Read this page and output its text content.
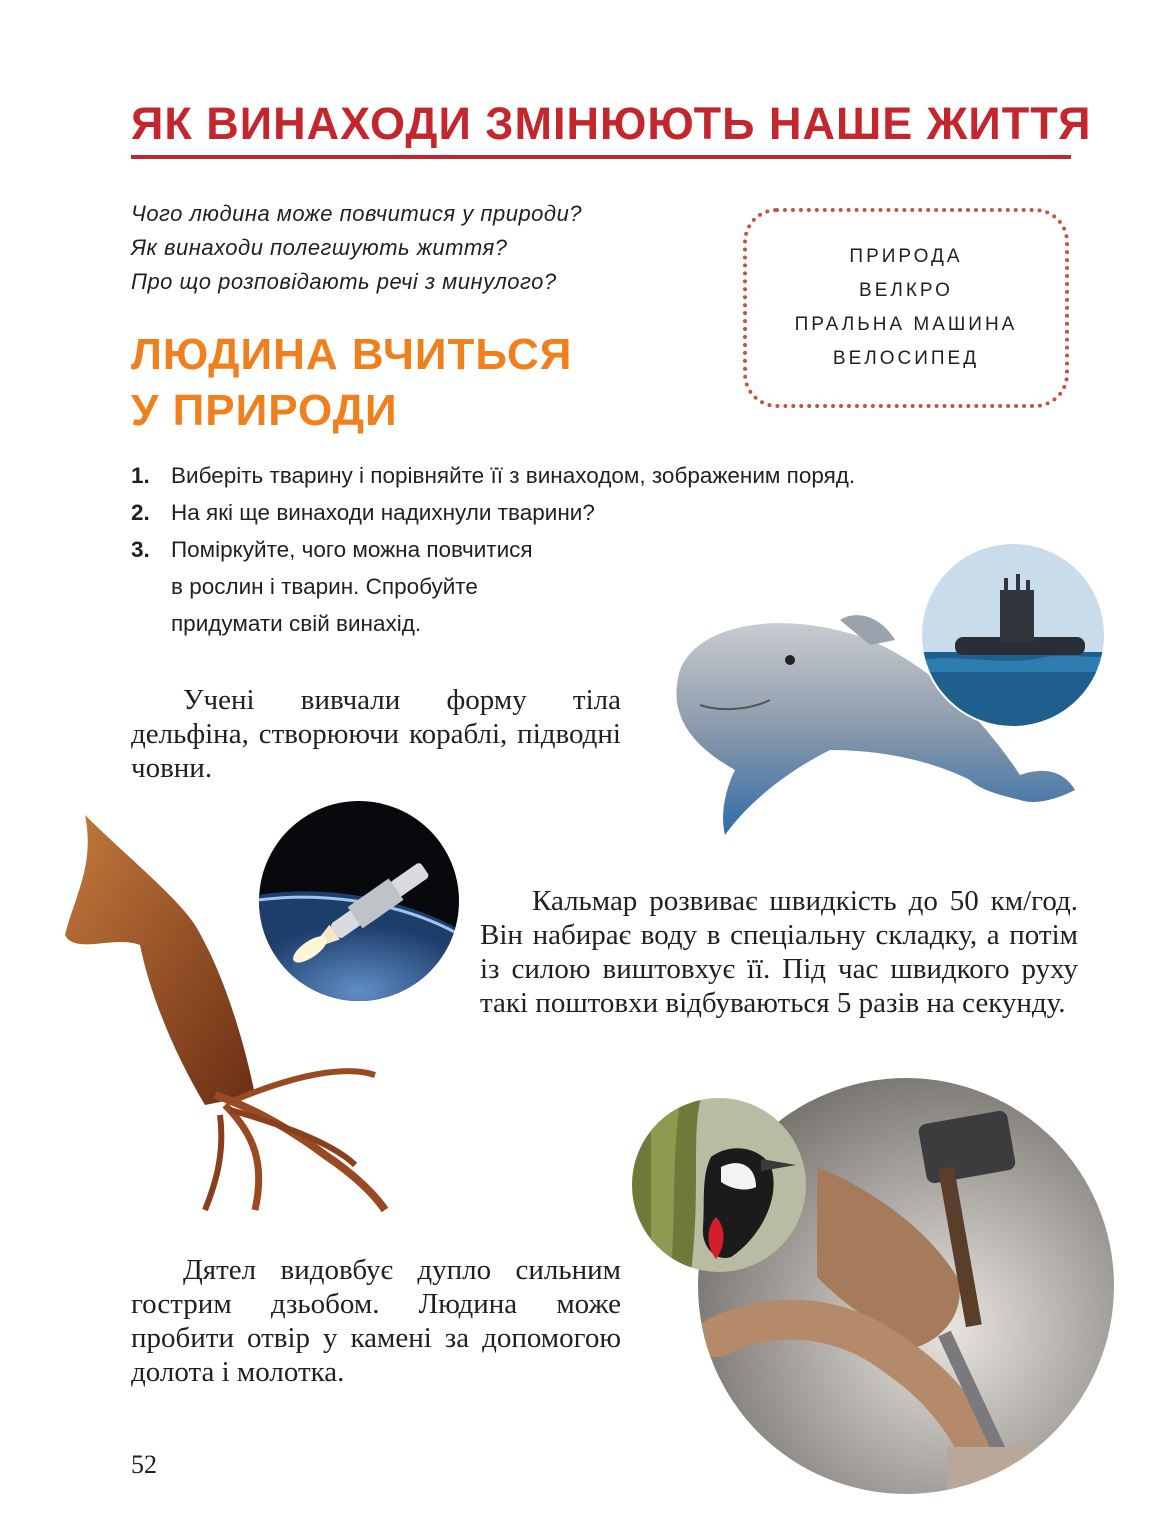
ЯК ВИНАХОДИ ЗМІНЮЮТЬ НАШЕ ЖИТТЯ
Чого людина може повчитися у природи?
Як винаходи полегшують життя?
Про що розповідають речі з минулого?
ПРИРОДА
ВЕЛКРО
ПРАЛЬНА МАШИНА
ВЕЛОСИПЕД
ЛЮДИНА ВЧИТЬСЯ
У ПРИРОДИ
1. Виберіть тварину і порівняйте її з винаходом, зображеним поряд.
2. На які ще винаходи надихнули тварини?
3. Поміркуйте, чого можна повчитися
в рослин і тварин. Спробуйте
придумати свій винахід.
Учені вивчали форму тіла дельфіна, створюючи кораблі, підводні човни.
Кальмар розвиває швидкість до 50 км/год. Він набирає воду в спеціальну складку, а потім із силою виштовхує її. Під час швидкого руху такі поштовхи відбуваються 5 разів на секунду.
Дятел видовбує дупло сильним гострим дзьобом. Людина може пробити отвір у камені за допомогою долота і молотка.
52
